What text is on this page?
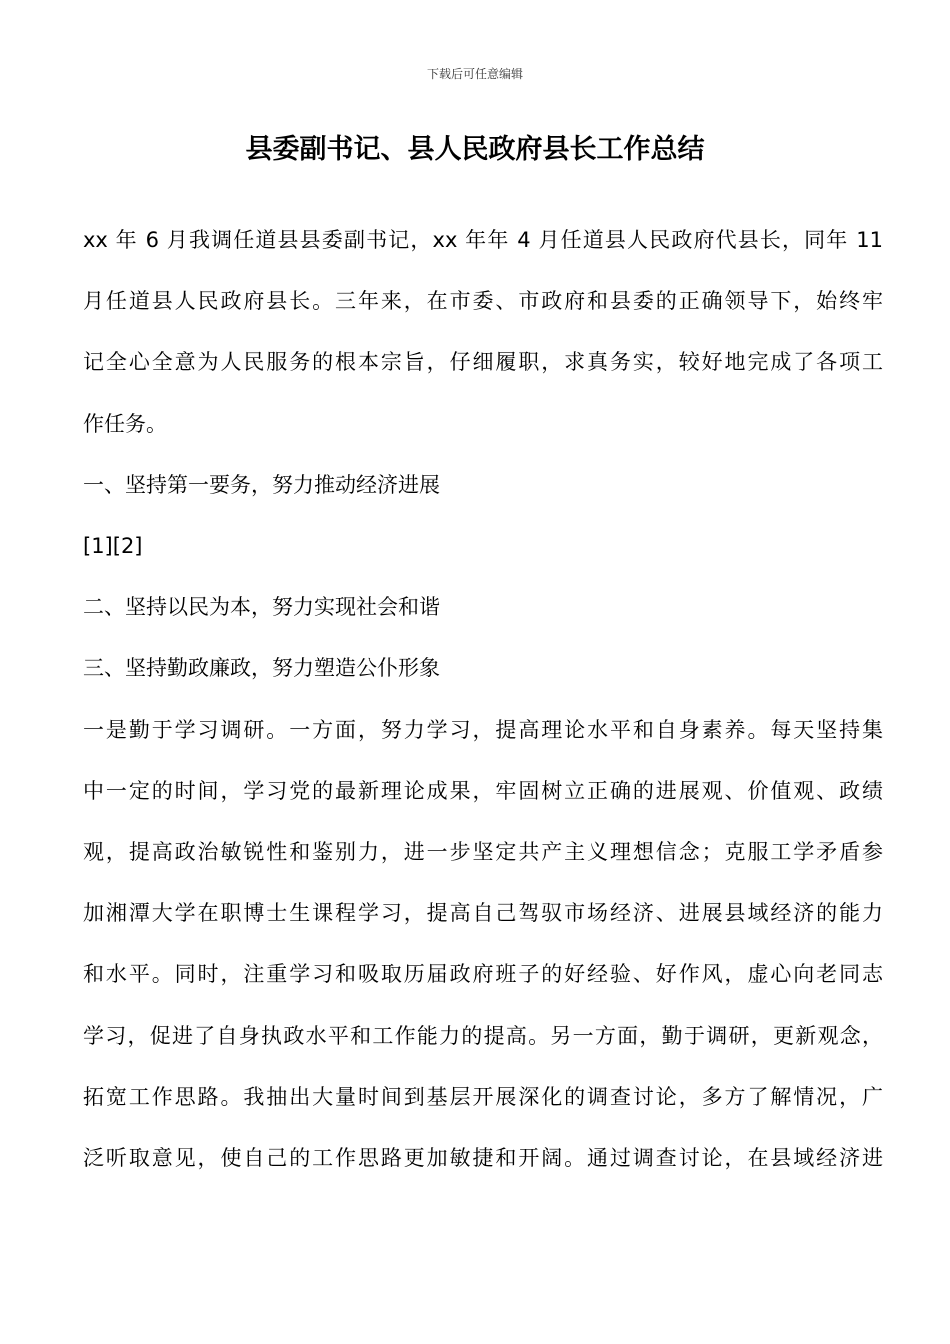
下载后可任意编辑
县委副书记、县人民政府县长工作总结

xx 年 6 月我调任道县县委副书记，xx 年年 4 月任道县人民政府代县长，同年 11
月任道县人民政府县长。三年来，在市委、市政府和县委的正确领导下，始终牢
记全心全意为人民服务的根本宗旨，仔细履职，求真务实，较好地完成了各项工
作任务。

一、坚持第一要务，努力推动经济进展

[1][2]

二、坚持以民为本，努力实现社会和谐

三、坚持勤政廉政，努力塑造公仆形象

一是勤于学习调研。一方面，努力学习，提高理论水平和自身素养。每天坚持集
中一定的时间，学习党的最新理论成果，牢固树立正确的进展观、价值观、政绩
观，提高政治敏锐性和鉴别力，进一步坚定共产主义理想信念；克服工学矛盾参
加湘潭大学在职博士生课程学习，提高自己驾驭市场经济、进展县域经济的能力
和水平。同时，注重学习和吸取历届政府班子的好经验、好作风，虚心向老同志
学习，促进了自身执政水平和工作能力的提高。另一方面，勤于调研，更新观念，
拓宽工作思路。我抽出大量时间到基层开展深化的调查讨论，多方了解情况，广
泛听取意见，使自己的工作思路更加敏捷和开阔。通过调查讨论，在县域经济进
